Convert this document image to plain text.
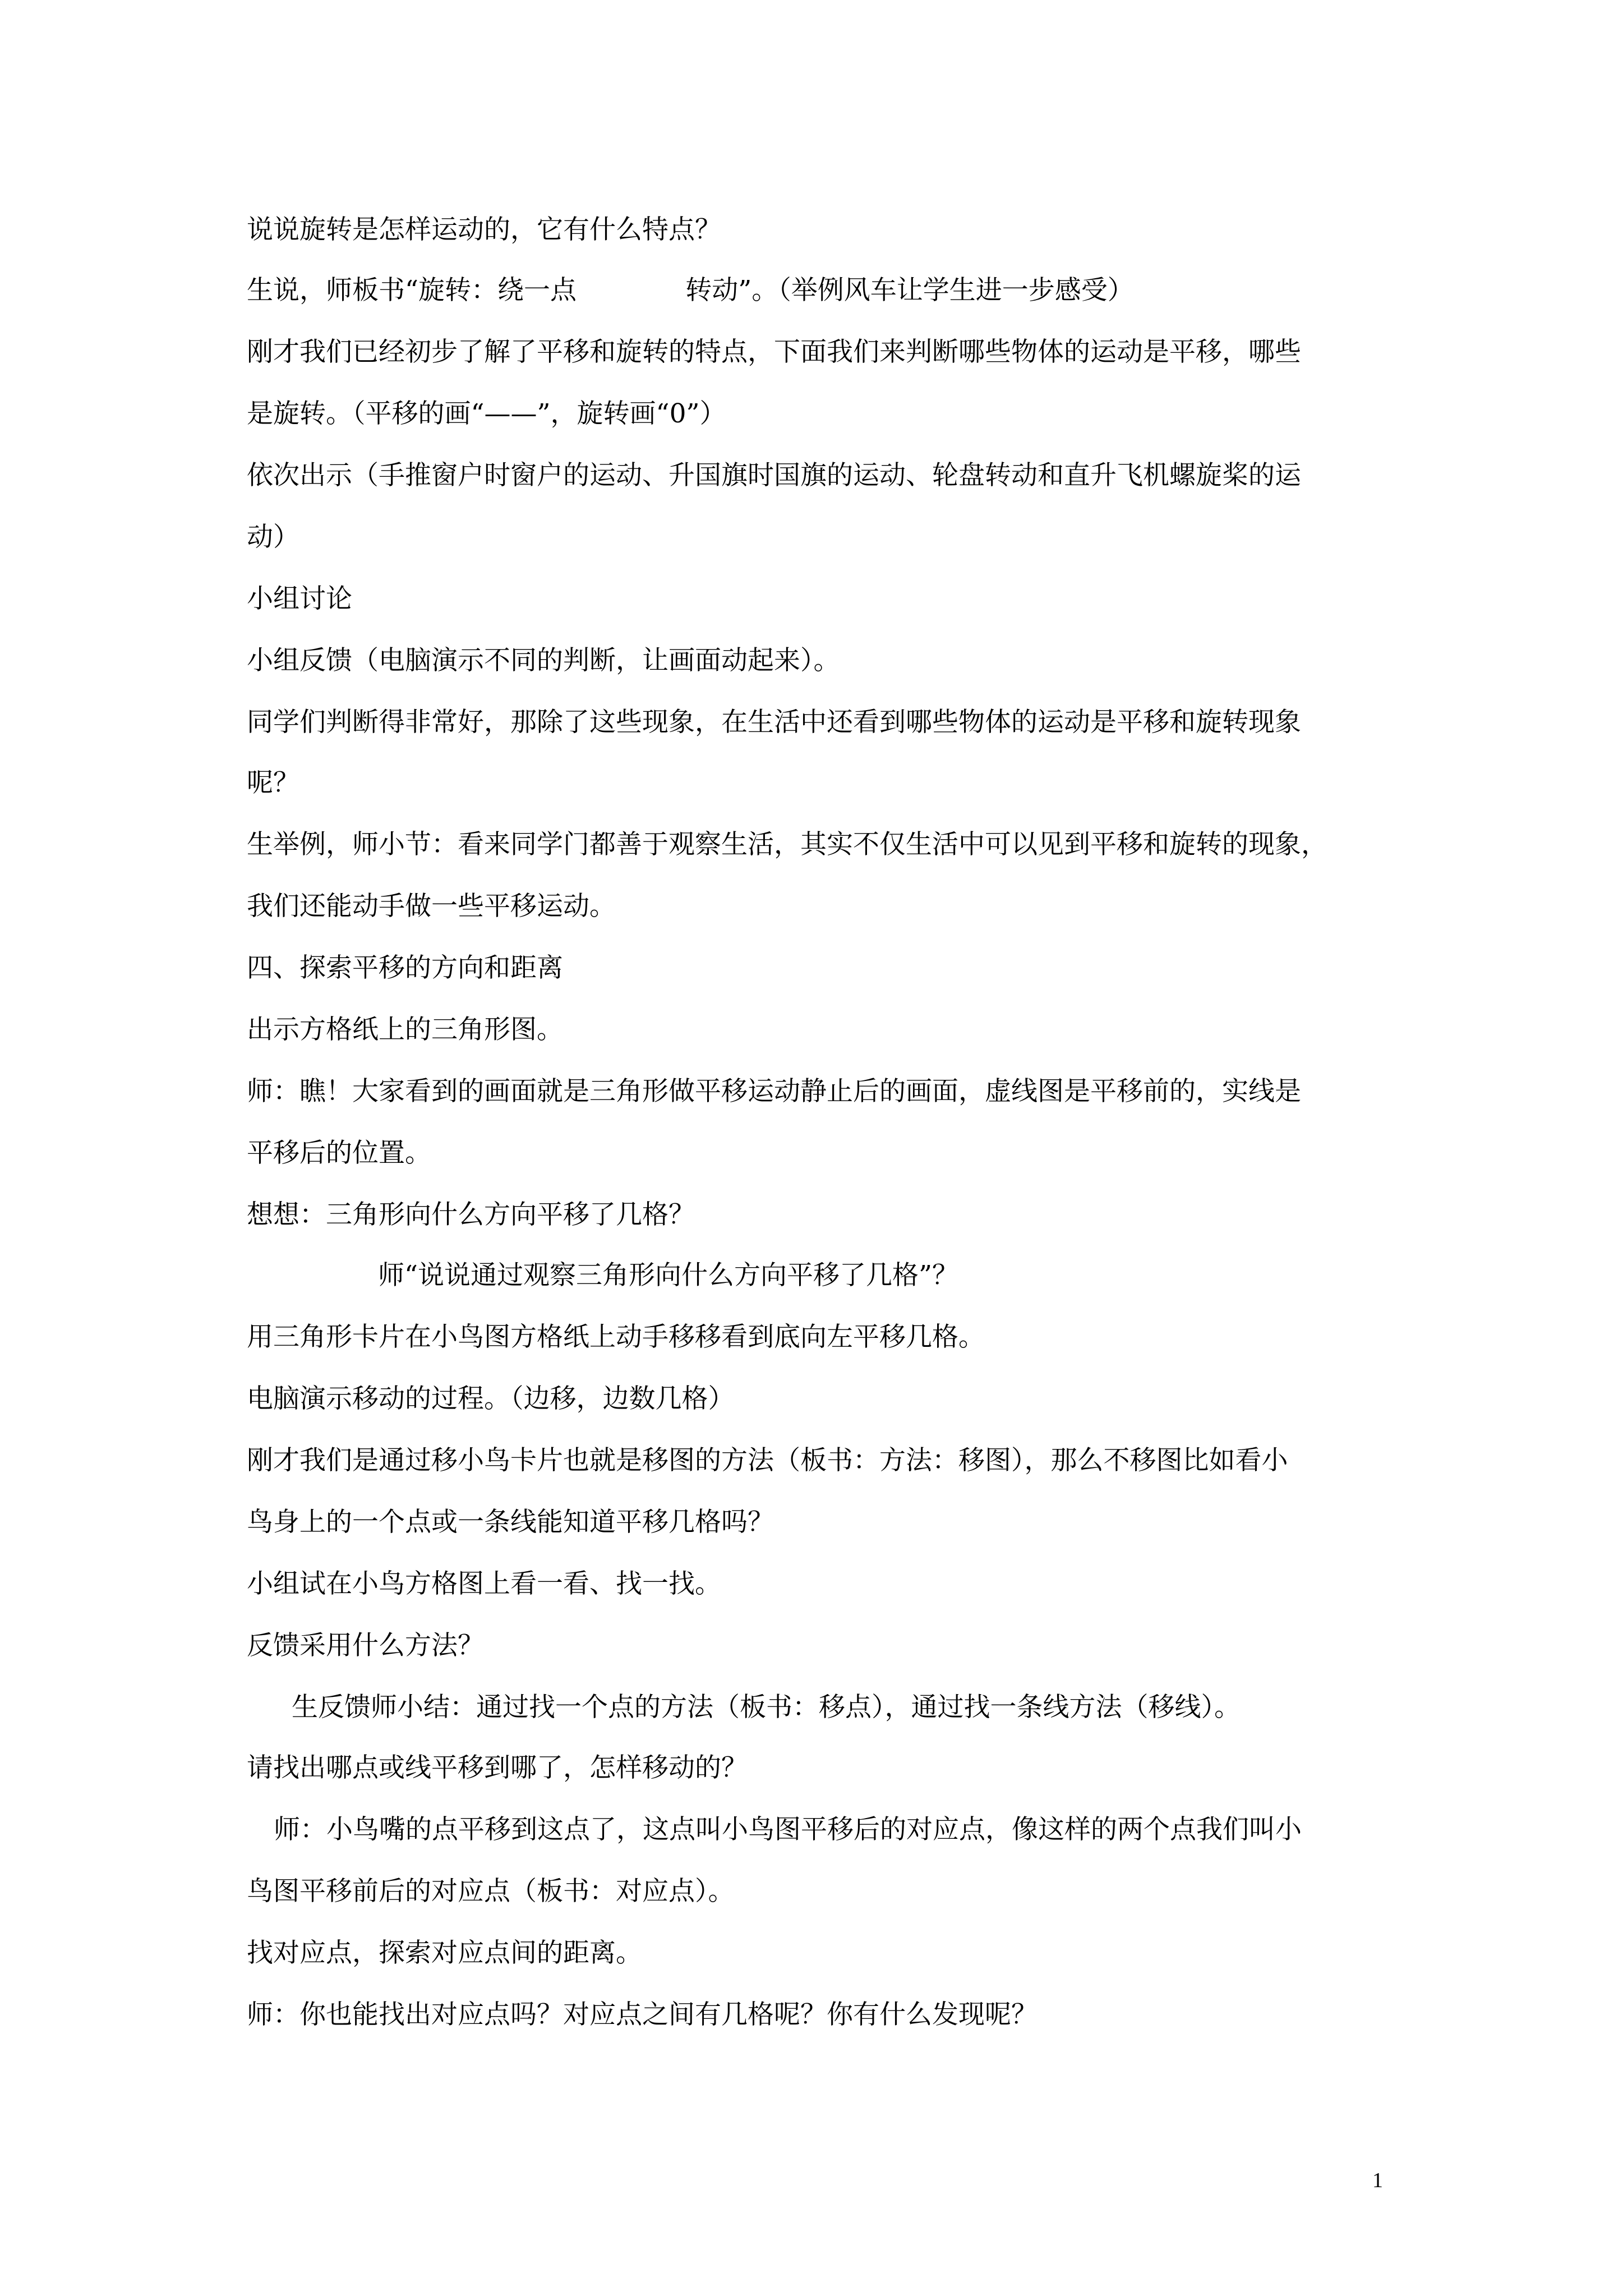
说说旋转是怎样运动的，它有什么特点？
生说，师板书“旋转：绕一点             转动”。（举例风车让学生进一步感受）
刚才我们已经初步了解了平移和旋转的特点，下面我们来判断哪些物体的运动是平移，哪些
是旋转。（平移的画“——”，旋转画“0”）
依次出示（手推窗户时窗户的运动、升国旗时国旗的运动、轮盘转动和直升飞机螺旋桨的运
动）
小组讨论
小组反馈（电脑演示不同的判断，让画面动起来）。
同学们判断得非常好，那除了这些现象，在生活中还看到哪些物体的运动是平移和旋转现象
呢？
生举例，师小节：看来同学门都善于观察生活，其实不仅生活中可以见到平移和旋转的现象，
我们还能动手做一些平移运动。
四、探索平移的方向和距离
出示方格纸上的三角形图。
师：瞧！大家看到的画面就是三角形做平移运动静止后的画面，虚线图是平移前的，实线是
平移后的位置。
想想：三角形向什么方向平移了几格？
师“说说通过观察三角形向什么方向平移了几格”？
用三角形卡片在小鸟图方格纸上动手移移看到底向左平移几格。
电脑演示移动的过程。（边移，边数几格）
刚才我们是通过移小鸟卡片也就是移图的方法（板书：方法：移图），那么不移图比如看小
鸟身上的一个点或一条线能知道平移几格吗？
小组试在小鸟方格图上看一看、找一找。
反馈采用什么方法？
生反馈师小结：通过找一个点的方法（板书：移点），通过找一条线方法（移线）。
请找出哪点或线平移到哪了，怎样移动的？
师：小鸟嘴的点平移到这点了，这点叫小鸟图平移后的对应点，像这样的两个点我们叫小
鸟图平移前后的对应点（板书：对应点）。
找对应点，探索对应点间的距离。
师：你也能找出对应点吗？对应点之间有几格呢？你有什么发现呢？
1
